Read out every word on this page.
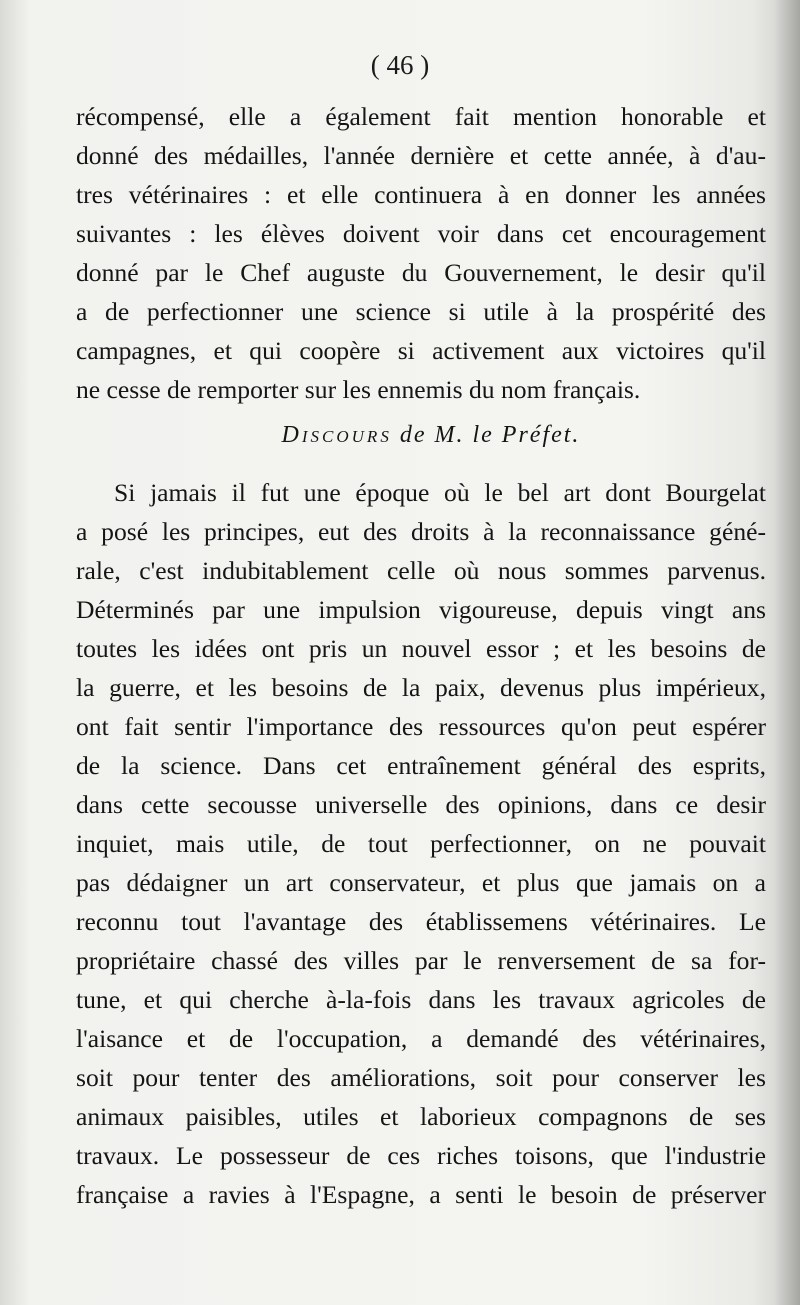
( 46 )
récompensé, elle a également fait mention honorable et
donné des médailles, l'année dernière et cette année, à d'au-
tres vétérinaires : et elle continuera à en donner les années
suivantes : les élèves doivent voir dans cet encouragement
donné par le Chef auguste du Gouvernement, le desir qu'il
a de perfectionner une science si utile à la prospérité des
campagnes, et qui coopère si activement aux victoires qu'il
ne cesse de remporter sur les ennemis du nom français.
Discours de M. le Préfet.
Si jamais il fut une époque où le bel art dont Bourgelat
a posé les principes, eut des droits à la reconnaissance géné-
rale, c'est indubitablement celle où nous sommes parvenus.
Déterminés par une impulsion vigoureuse, depuis vingt ans
toutes les idées ont pris un nouvel essor ; et les besoins de
la guerre, et les besoins de la paix, devenus plus impérieux,
ont fait sentir l'importance des ressources qu'on peut espérer
de la science. Dans cet entraînement général des esprits,
dans cette secousse universelle des opinions, dans ce desir
inquiet, mais utile, de tout perfectionner, on ne pouvait
pas dédaigner un art conservateur, et plus que jamais on a
reconnu tout l'avantage des établissemens vétérinaires. Le
propriétaire chassé des villes par le renversement de sa for-
tune, et qui cherche à-la-fois dans les travaux agricoles de
l'aisance et de l'occupation, a demandé des vétérinaires,
soit pour tenter des améliorations, soit pour conserver les
animaux paisibles, utiles et laborieux compagnons de ses
travaux. Le possesseur de ces riches toisons, que l'industrie
française a ravies à l'Espagne, a senti le besoin de préserver
